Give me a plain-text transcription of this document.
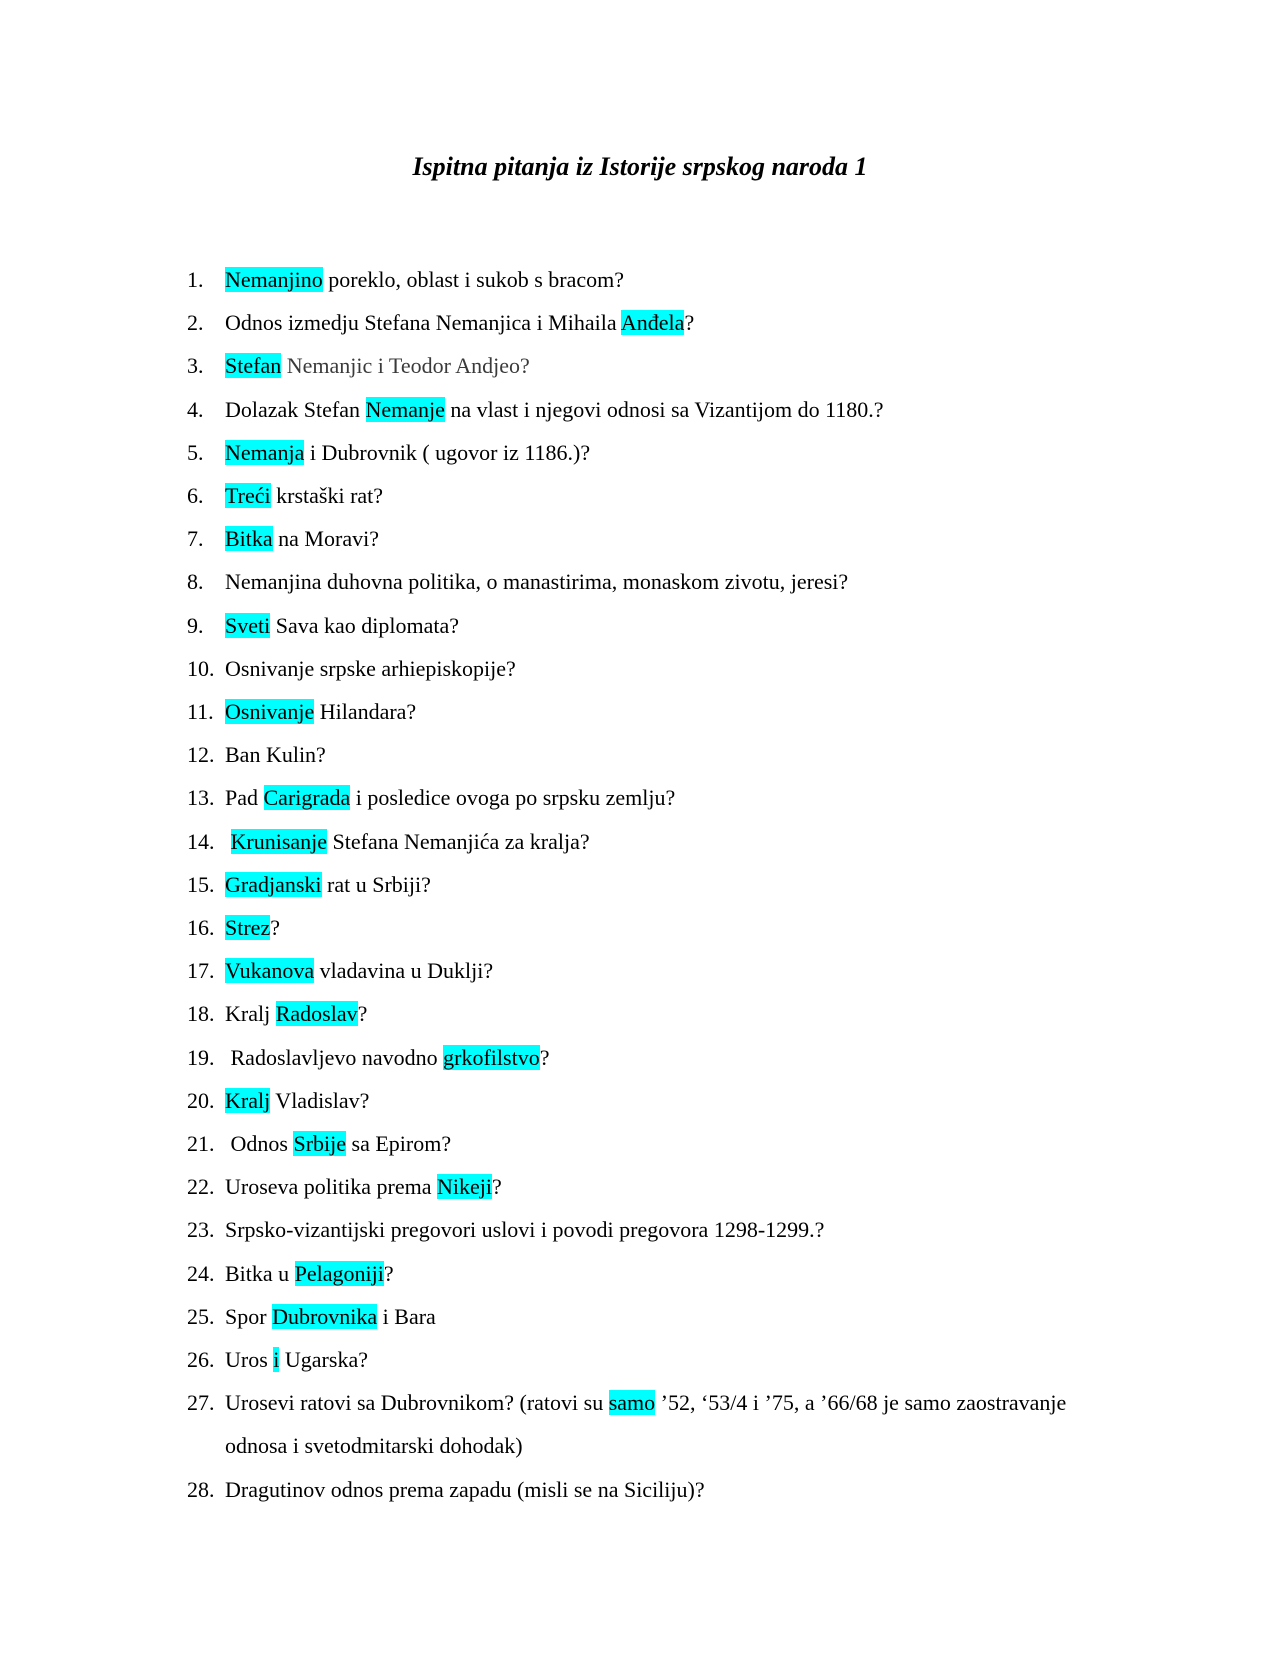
Ispitna pitanja iz Istorije srpskog naroda 1
1. Nemanjino poreklo, oblast i sukob s bracom?
2. Odnos izmedju Stefana Nemanjica i Mihaila Anđela?
3. Stefan Nemanjic i Teodor Andjeo?
4. Dolazak Stefan Nemanje na vlast i njegovi odnosi sa Vizantijom do 1180.?
5. Nemanja i Dubrovnik ( ugovor iz 1186.)?
6. Treći krstaški rat?
7. Bitka na Moravi?
8. Nemanjina duhovna politika, o manastirima, monaskom zivotu, jeresi?
9. Sveti Sava kao diplomata?
10. Osnivanje srpske arhiepiskopije?
11. Osnivanje Hilandara?
12. Ban Kulin?
13. Pad Carigrada i posledice ovoga po srpsku zemlju?
14. Krunisanje Stefana Nemanjića za kralja?
15. Gradjanski rat u Srbiji?
16. Strez?
17. Vukanova vladavina u Duklji?
18. Kralj Radoslav?
19. Radoslavljevo navodno grkofilstvo?
20. Kralj Vladislav?
21. Odnos Srbije sa Epirom?
22. Uroseva politika prema Nikeji?
23. Srpsko-vizantijski pregovori uslovi i povodi pregovora 1298-1299.?
24. Bitka u Pelagoniji?
25. Spor Dubrovnika i Bara
26. Uros i Ugarska?
27. Urosevi ratovi sa Dubrovnikom? (ratovi su samo ’52, ‘53/4 i ’75, a ’66/68 je samo zaostravanje odnosa i svetodmitarski dohodak)
28. Dragutinov odnos prema zapadu (misli se na Siciliju)?
